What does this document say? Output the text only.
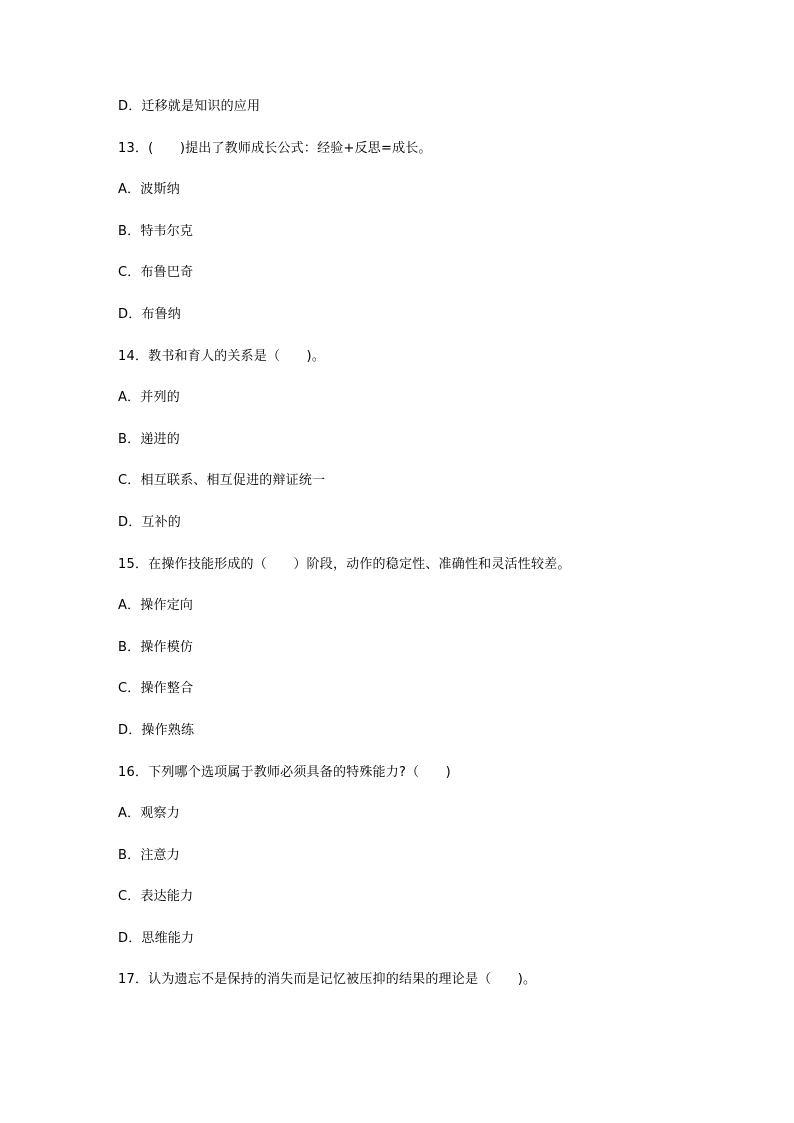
D．迁移就是知识的应用
13．(　　)提出了教师成长公式：经验+反思=成长。
A．波斯纳
B．特韦尔克
C．布鲁巴奇
D．布鲁纳
14．教书和育人的关系是（　　)。
A．并列的
B．递进的
C．相互联系、相互促进的辩证统一
D．互补的
15．在操作技能形成的（　　）阶段，动作的稳定性、准确性和灵活性较差。
A．操作定向
B．操作模仿
C．操作整合
D．操作熟练
16．下列哪个选项属于教师必须具备的特殊能力?（　　)
A．观察力
B．注意力
C．表达能力
D．思维能力
17．认为遗忘不是保持的消失而是记忆被压抑的结果的理论是（　　)。
